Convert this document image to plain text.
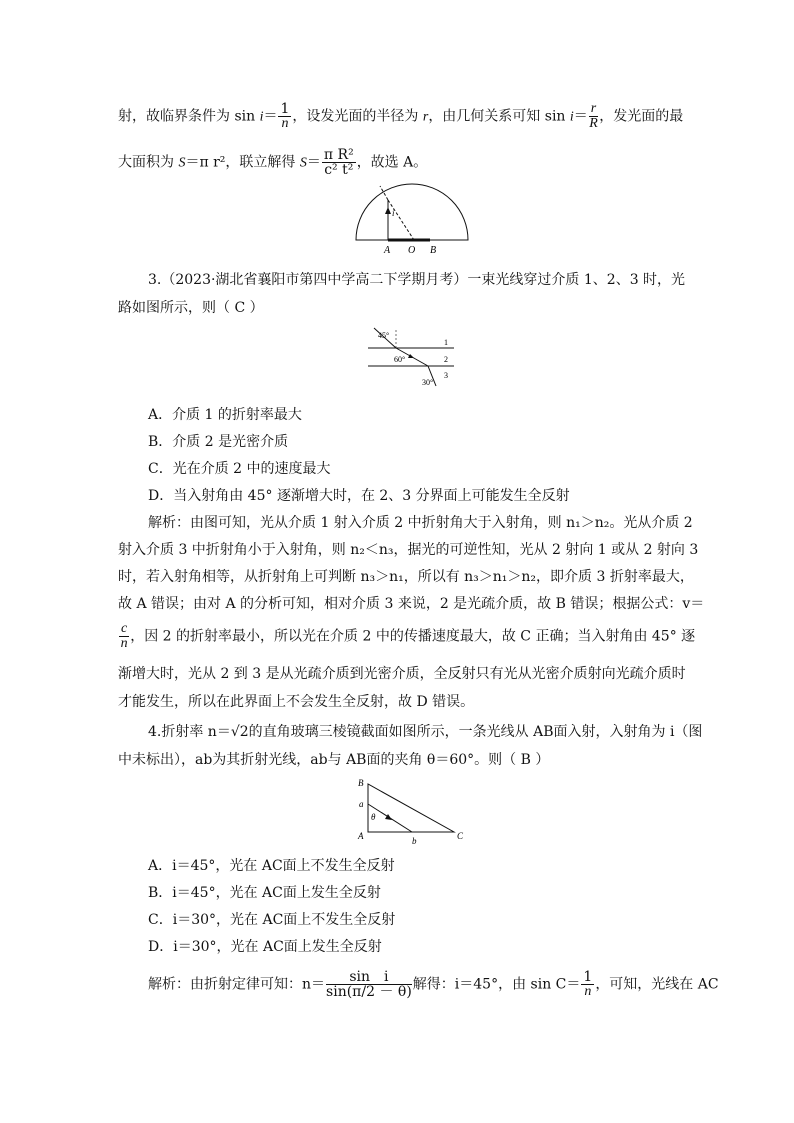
射，故临界条件为 $\sin i= \frac{1}{n}$ ，设发光面的半径为 r，由几何关系可知 $\sin i= \frac{r}{R}$ ，发光面的最
大面积为 S＝π r²，联立解得 $S= \frac{\text{π R²}}{\text{c² t²}}$ ，故选 A。
i
A O B
3.（2023·湖北省襄阳市第四中学高二下学期月考）一束光线穿过介质 1、2、3 时，光
路如图所示，则（ C ）
45°
60°
30°
1
2
3
A．介质 1 的折射率最大
B．介质 2 是光密介质
C．光在介质 2 中的速度最大
D．当入射角由 45° 逐渐增大时，在 2、3 分界面上可能发生全反射
解析：由图可知，光从介质 1 射入介质 2 中折射角大于入射角，则 n₁＞n₂。光从介质 2
射入介质 3 中折射角小于入射角，则 n₂＜n₃，据光的可逆性知，光从 2 射向 1 或从 2 射向 3
时，若入射角相等，从折射角上可判断 n₃＞n₁，所以有 n₃＞n₁＞n₂，即介质 3 折射率最大，
故 A 错误；由对 A 的分析可知，相对介质 3 来说，2 是光疏介质，故 B 错误；根据公式：v＝
$\frac{c}{n}$ ，因 2 的折射率最小，所以光在介质 2 中的传播速度最大，故 C 正确；当入射角由 45° 逐
渐增大时，光从 2 到 3 是从光疏介质到光密介质，全反射只有光从光密介质射向光疏介质时
才能发生，所以在此界面上不会发生全反射，故 D 错误。
4.折射率 n＝√2的直角玻璃三棱镜截面如图所示，一条光线从 AB面入射，入射角为 i（图
中未标出），ab为其折射光线，ab与 AB面的夹角 θ＝60°。则（ B ）
B
a
θ
A	b	C
A．i＝45°，光在 AC面上不发生全反射
B．i＝45°，光在 AC面上发生全反射
C．i＝30°，光在 AC面上不发生全反射
D．i＝30°，光在 AC面上发生全反射
解析：由折射定律可知：$n= \frac{\text{sin　i}}{\sin(\pi/2 - \theta)}$ 解得：i＝45°，由 $\sin C= \frac{1}{n}$ ，可知，光线在 AC
